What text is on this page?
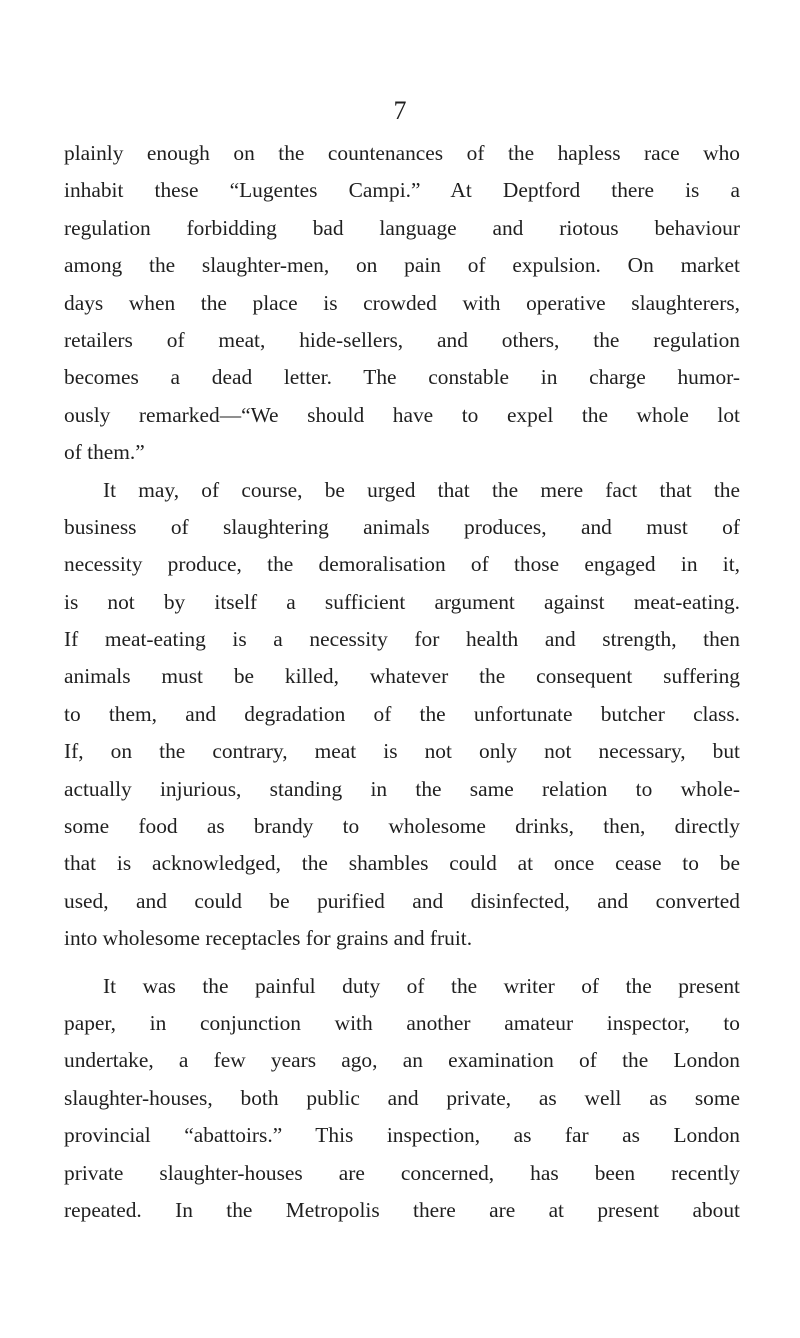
7
plainly enough on the countenances of the hapless race who
inhabit these “Lugentes Campi.” At Deptford there is a
regulation forbidding bad language and riotous behaviour
among the slaughter-men, on pain of expulsion. On market
days when the place is crowded with operative slaughterers,
retailers of meat, hide-sellers, and others, the regulation
becomes a dead letter. The constable in charge humor-
ously remarked—“We should have to expel the whole lot
of them.”
It may, of course, be urged that the mere fact that the
business of slaughtering animals produces, and must of
necessity produce, the demoralisation of those engaged in it,
is not by itself a sufficient argument against meat-eating.
If meat-eating is a necessity for health and strength, then
animals must be killed, whatever the consequent suffering
to them, and degradation of the unfortunate butcher class.
If, on the contrary, meat is not only not necessary, but
actually injurious, standing in the same relation to whole-
some food as brandy to wholesome drinks, then, directly
that is acknowledged, the shambles could at once cease to be
used, and could be purified and disinfected, and converted
into wholesome receptacles for grains and fruit.
It was the painful duty of the writer of the present
paper, in conjunction with another amateur inspector, to
undertake, a few years ago, an examination of the London
slaughter-houses, both public and private, as well as some
provincial “abattoirs.” This inspection, as far as London
private slaughter-houses are concerned, has been recently
repeated. In the Metropolis there are at present about
